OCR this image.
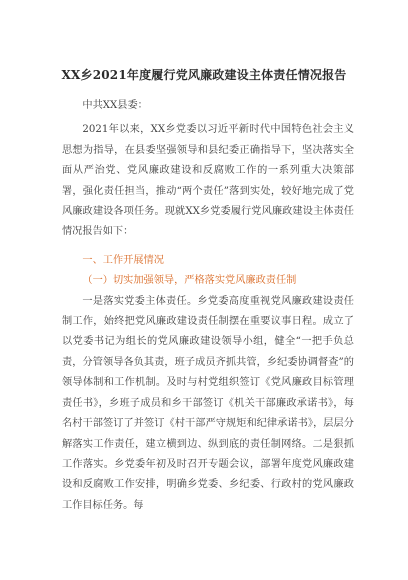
XX乡2021年度履行党风廉政建设主体责任情况报告

中共XX县委：

2021年以来，XX乡党委以习近平新时代中国特色社会主义思想为指导，在县委坚强领导和县纪委正确指导下，坚决落实全面从严治党、党风廉政建设和反腐败工作的一系列重大决策部署，强化责任担当，推动“两个责任”落到实处，较好地完成了党风廉政建设各项任务。现就XX乡党委履行党风廉政建设主体责任情况报告如下：

一、工作开展情况

（一）切实加强领导，严格落实党风廉政责任制

一是落实党委主体责任。乡党委高度重视党风廉政建设责任制工作，始终把党风廉政建设责任制摆在重要议事日程。成立了以党委书记为组长的党风廉政建设领导小组，健全“一把手负总责，分管领导各负其责，班子成员齐抓共管，乡纪委协调督查”的领导体制和工作机制。及时与村党组织签订《党风廉政目标管理责任书》，乡班子成员和乡干部签订《机关干部廉政承诺书》，每名村干部签订了并签订《村干部严守规矩和纪律承诺书》，层层分解落实工作责任，建立横到边、纵到底的责任制网络。二是狠抓工作落实。乡党委年初及时召开专题会议，部署年度党风廉政建设和反腐败工作安排，明确乡党委、乡纪委、行政村的党风廉政工作目标任务。每
